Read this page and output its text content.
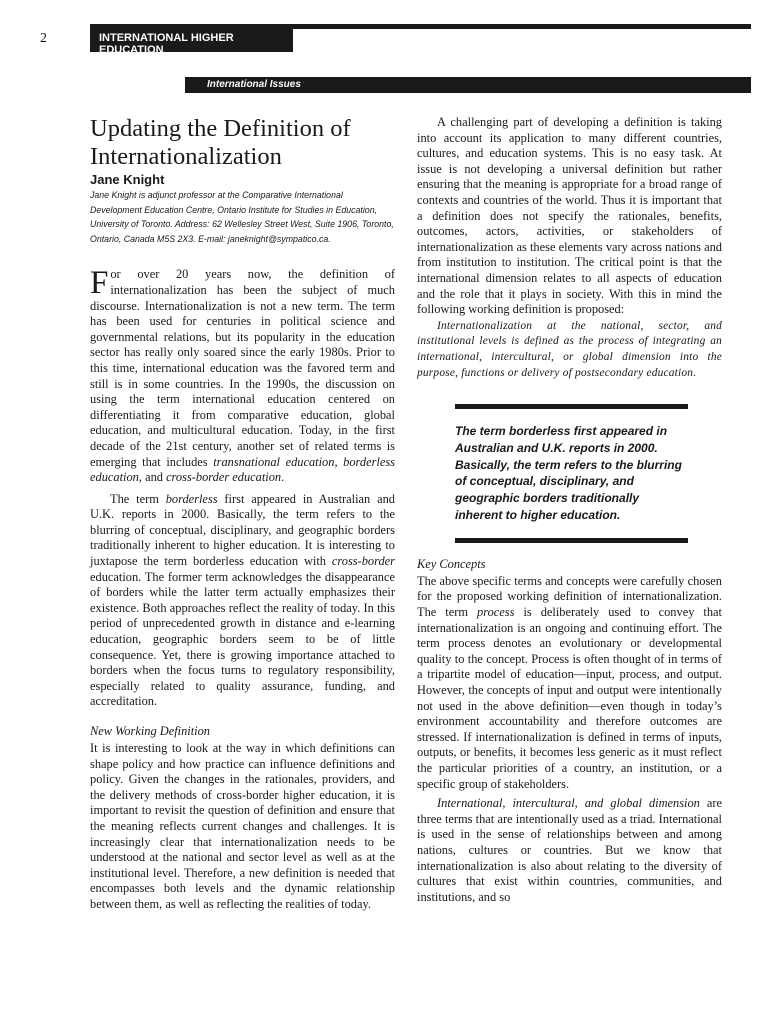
2	INTERNATIONAL HIGHER EDUCATION
International Issues
Updating the Definition of Internationalization
Jane Knight
Jane Knight is adjunct professor at the Comparative International Development Education Centre, Ontario Institute for Studies in Education, University of Toronto. Address: 62 Wellesley Street West, Suite 1906, Toronto, Ontario, Canada M5S 2X3. E-mail: janeknight@sympatico.ca.

For over 20 years now, the definition of internationalization has been the subject of much discourse. Internationalization is not a new term. The term has been used for centuries in political science and governmental relations, but its popularity in the education sector has really only soared since the early 1980s. Prior to this time, international education was the favored term and still is in some countries. In the 1990s, the discussion on using the term international education centered on differentiating it from comparative education, global education, and multicultural education. Today, in the first decade of the 21st century, another set of related terms is emerging that includes transnational education, borderless education, and cross-border education.

The term borderless first appeared in Australian and U.K. reports in 2000. Basically, the term refers to the blurring of conceptual, disciplinary, and geographic borders traditionally inherent to higher education. It is interesting to juxtapose the term borderless education with cross-border education. The former term acknowledges the disappearance of borders while the latter term actually emphasizes their existence. Both approaches reflect the reality of today. In this period of unprecedented growth in distance and e-learning education, geographic borders seem to be of little consequence. Yet, there is growing importance attached to borders when the focus turns to regulatory responsibility, especially related to quality assurance, funding, and accreditation.

New Working Definition

It is interesting to look at the way in which definitions can shape policy and how practice can influence definitions and policy. Given the changes in the rationales, providers, and the delivery methods of cross-border higher education, it is important to revisit the question of definition and ensure that the meaning reflects current changes and challenges. It is increasingly clear that internationalization needs to be understood at the national and sector level as well as at the institutional level. Therefore, a new definition is needed that encompasses both levels and the dynamic relationship between them, as well as reflecting the realities of today.

A challenging part of developing a definition is taking into account its application to many different countries, cultures, and education systems. This is no easy task. At issue is not developing a universal definition but rather ensuring that the meaning is appropriate for a broad range of contexts and countries of the world. Thus it is important that a definition does not specify the rationales, benefits, outcomes, actors, activities, or stakeholders of internationalization as these elements vary across nations and from institution to institution. The critical point is that the international dimension relates to all aspects of education and the role that it plays in society. With this in mind the following working definition is proposed:

Internationalization at the national, sector, and institutional levels is defined as the process of integrating an international, intercultural, or global dimension into the purpose, functions or delivery of postsecondary education.

The term borderless first appeared in Australian and U.K. reports in 2000. Basically, the term refers to the blurring of conceptual, disciplinary, and geographic borders traditionally inherent to higher education.

Key Concepts

The above specific terms and concepts were carefully chosen for the proposed working definition of internationalization. The term process is deliberately used to convey that internationalization is an ongoing and continuing effort. The term process denotes an evolutionary or developmental quality to the concept. Process is often thought of in terms of a tripartite model of education—input, process, and output. However, the concepts of input and output were intentionally not used in the above definition—even though in today’s environment accountability and therefore outcomes are stressed. If internationalization is defined in terms of inputs, outputs, or benefits, it becomes less generic as it must reflect the particular priorities of a country, an institution, or a specific group of stakeholders.

International, intercultural, and global dimension are three terms that are intentionally used as a triad. International is used in the sense of relationships between and among nations, cultures or countries. But we know that internationalization is also about relating to the diversity of cultures that exist within countries, communities, and institutions, and so
